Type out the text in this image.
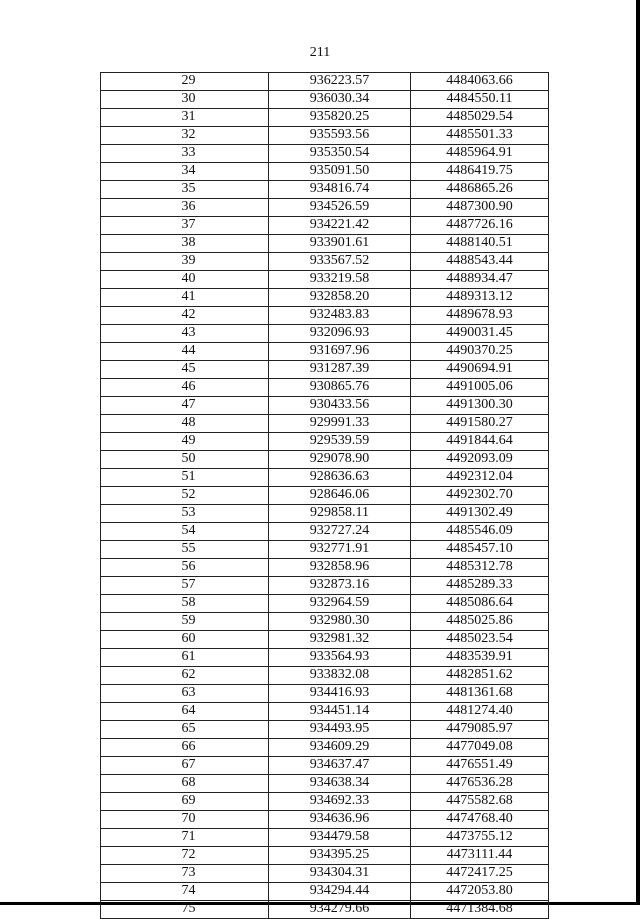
211
29	936223.57	4484063.66
30	936030.34	4484550.11
31	935820.25	4485029.54
32	935593.56	4485501.33
33	935350.54	4485964.91
34	935091.50	4486419.75
35	934816.74	4486865.26
36	934526.59	4487300.90
37	934221.42	4487726.16
38	933901.61	4488140.51
39	933567.52	4488543.44
40	933219.58	4488934.47
41	932858.20	4489313.12
42	932483.83	4489678.93
43	932096.93	4490031.45
44	931697.96	4490370.25
45	931287.39	4490694.91
46	930865.76	4491005.06
47	930433.56	4491300.30
48	929991.33	4491580.27
49	929539.59	4491844.64
50	929078.90	4492093.09
51	928636.63	4492312.04
52	928646.06	4492302.70
53	929858.11	4491302.49
54	932727.24	4485546.09
55	932771.91	4485457.10
56	932858.96	4485312.78
57	932873.16	4485289.33
58	932964.59	4485086.64
59	932980.30	4485025.86
60	932981.32	4485023.54
61	933564.93	4483539.91
62	933832.08	4482851.62
63	934416.93	4481361.68
64	934451.14	4481274.40
65	934493.95	4479085.97
66	934609.29	4477049.08
67	934637.47	4476551.49
68	934638.34	4476536.28
69	934692.33	4475582.68
70	934636.96	4474768.40
71	934479.58	4473755.12
72	934395.25	4473111.44
73	934304.31	4472417.25
74	934294.44	4472053.80
75	934279.66	4471384.68
